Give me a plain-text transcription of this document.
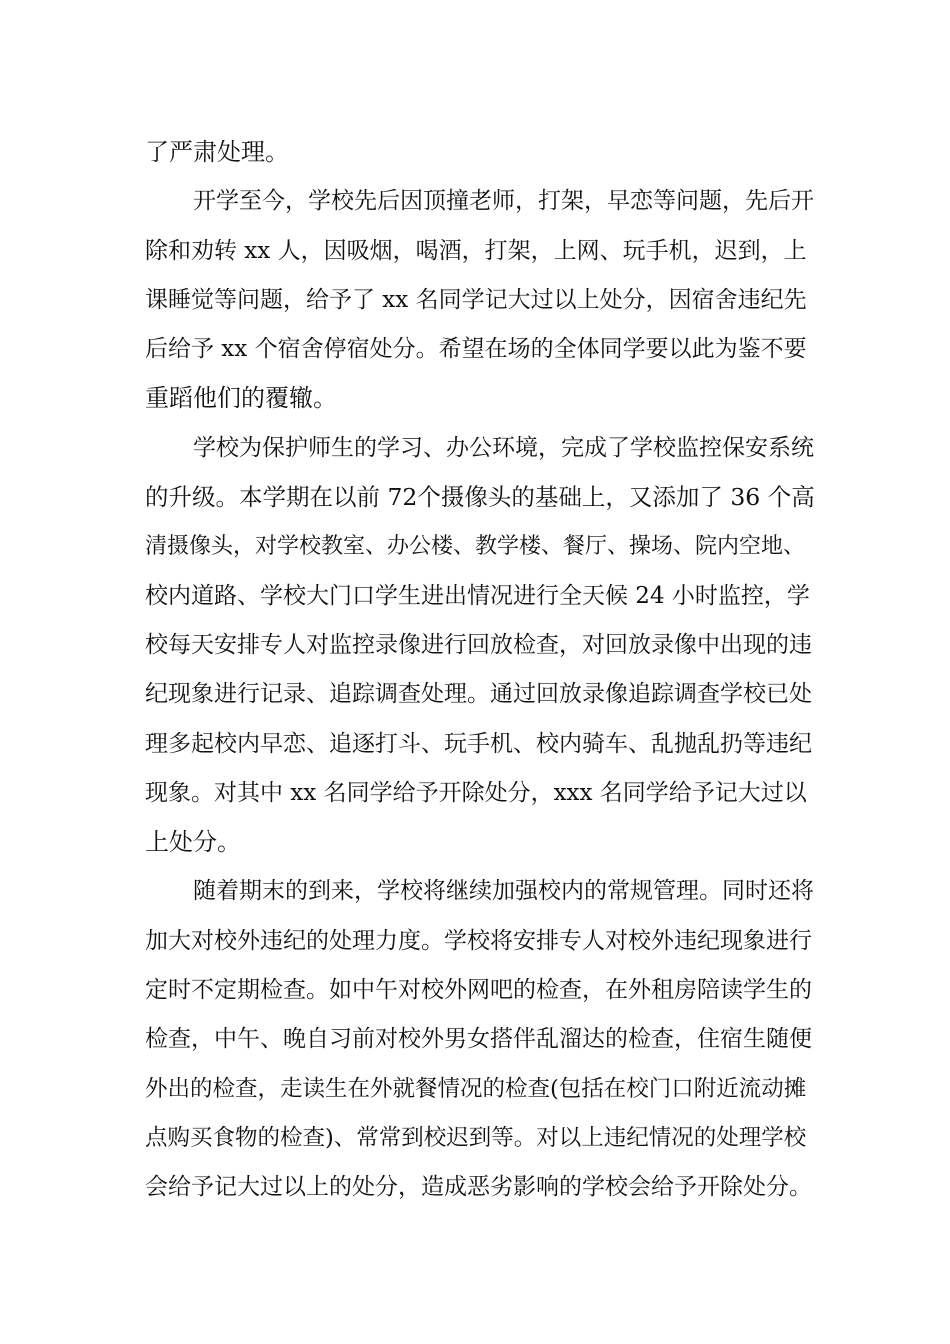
了严肃处理。
开学至今，学校先后因顶撞老师，打架，早恋等问题，先后开
除和劝转 xx 人，因吸烟，喝酒，打架，上网、玩手机，迟到，上
课睡觉等问题，给予了 xx 名同学记大过以上处分，因宿舍违纪先
后给予 xx 个宿舍停宿处分。希望在场的全体同学要以此为鉴不要
重蹈他们的覆辙。
学校为保护师生的学习、办公环境，完成了学校监控保安系统
的升级。本学期在以前 72个摄像头的基础上，又添加了 36 个高
清摄像头，对学校教室、办公楼、教学楼、餐厅、操场、院内空地、
校内道路、学校大门口学生进出情况进行全天候 24 小时监控，学
校每天安排专人对监控录像进行回放检查，对回放录像中出现的违
纪现象进行记录、追踪调查处理。通过回放录像追踪调查学校已处
理多起校内早恋、追逐打斗、玩手机、校内骑车、乱抛乱扔等违纪
现象。对其中 xx 名同学给予开除处分，xxx 名同学给予记大过以
上处分。
随着期末的到来，学校将继续加强校内的常规管理。同时还将
加大对校外违纪的处理力度。学校将安排专人对校外违纪现象进行
定时不定期检查。如中午对校外网吧的检查，在外租房陪读学生的
检查，中午、晚自习前对校外男女搭伴乱溜达的检查，住宿生随便
外出的检查，走读生在外就餐情况的检查(包括在校门口附近流动摊
点购买食物的检查)、常常到校迟到等。对以上违纪情况的处理学校
会给予记大过以上的处分，造成恶劣影响的学校会给予开除处分。
